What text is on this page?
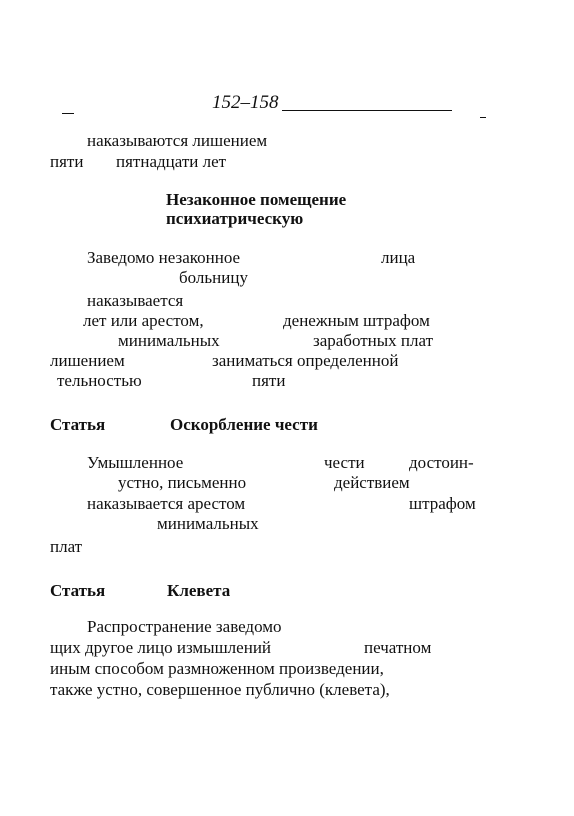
152–158
наказываются лишением
пяти пятнадцати лет
Незаконное помещение
психиатрическую
Заведомо незаконное	лица
больницу
наказывается
лет или арестом,	денежным штрафом
минимальных	заработных плат
лишением	заниматься определенной
тельностью	пяти
Статья	Оскорбление чести
Умышленное	чести	достоин-
устно, письменно	действием
наказывается арестом	штрафом
минимальных
плат
Статья	Клевета
Распространение заведомо
щих другое лицо измышлений	печатном
иным способом размноженном произведении,
также устно, совершенное публично (клевета),
